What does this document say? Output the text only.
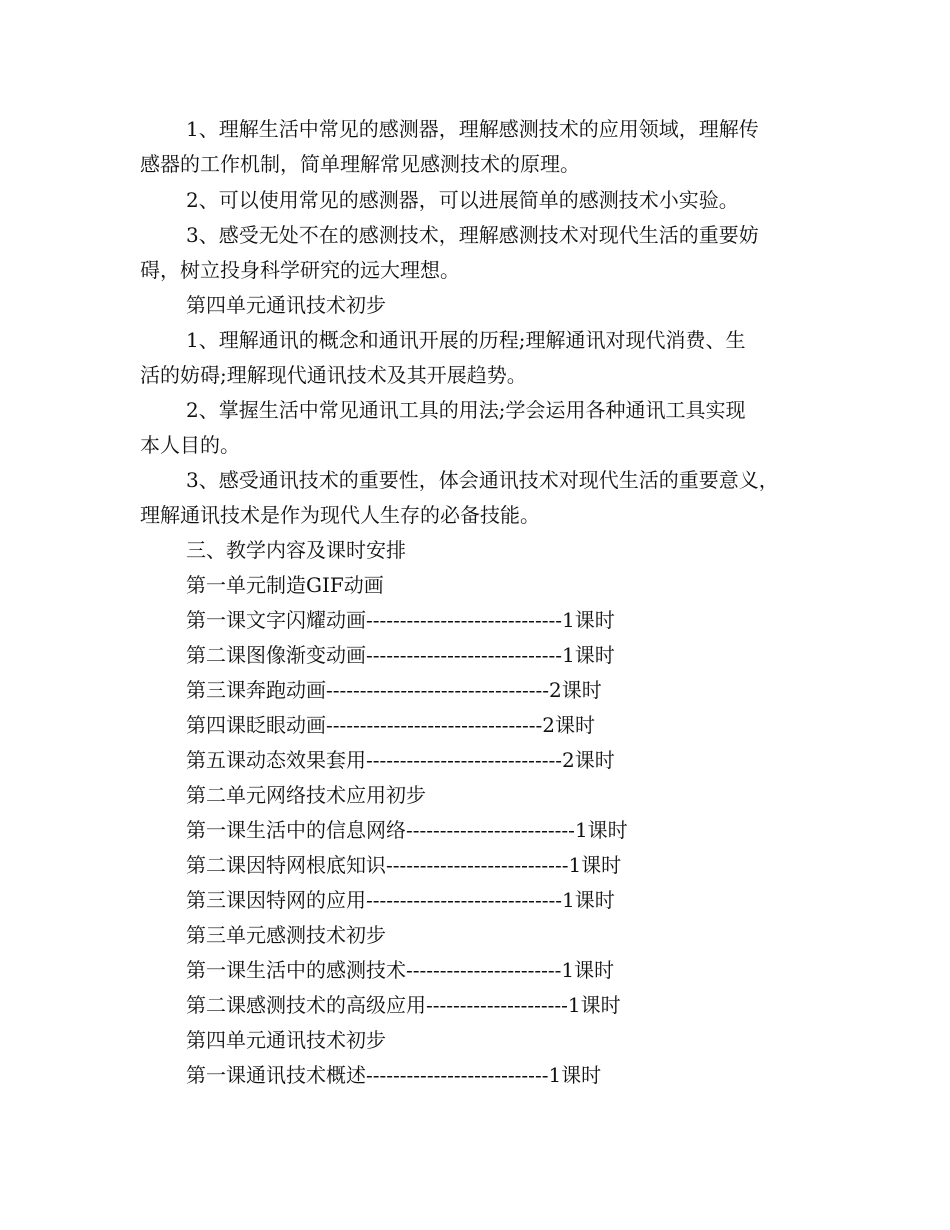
1、理解生活中常见的感测器，理解感测技术的应用领域，理解传
感器的工作机制，简单理解常见感测技术的原理。
2、可以使用常见的感测器，可以进展简单的感测技术小实验。
3、感受无处不在的感测技术，理解感测技术对现代生活的重要妨
碍，树立投身科学研究的远大理想。
第四单元通讯技术初步
1、理解通讯的概念和通讯开展的历程;理解通讯对现代消费、生
活的妨碍;理解现代通讯技术及其开展趋势。
2、掌握生活中常见通讯工具的用法;学会运用各种通讯工具实现
本人目的。
3、感受通讯技术的重要性，体会通讯技术对现代生活的重要意义，
理解通讯技术是作为现代人生存的必备技能。
三、教学内容及课时安排
第一单元制造GIF动画
第一课文字闪耀动画-----------------------------1课时
第二课图像渐变动画-----------------------------1课时
第三课奔跑动画---------------------------------2课时
第四课眨眼动画--------------------------------2课时
第五课动态效果套用-----------------------------2课时
第二单元网络技术应用初步
第一课生活中的信息网络-------------------------1课时
第二课因特网根底知识---------------------------1课时
第三课因特网的应用-----------------------------1课时
第三单元感测技术初步
第一课生活中的感测技术-----------------------1课时
第二课感测技术的高级应用---------------------1课时
第四单元通讯技术初步
第一课通讯技术概述---------------------------1课时
